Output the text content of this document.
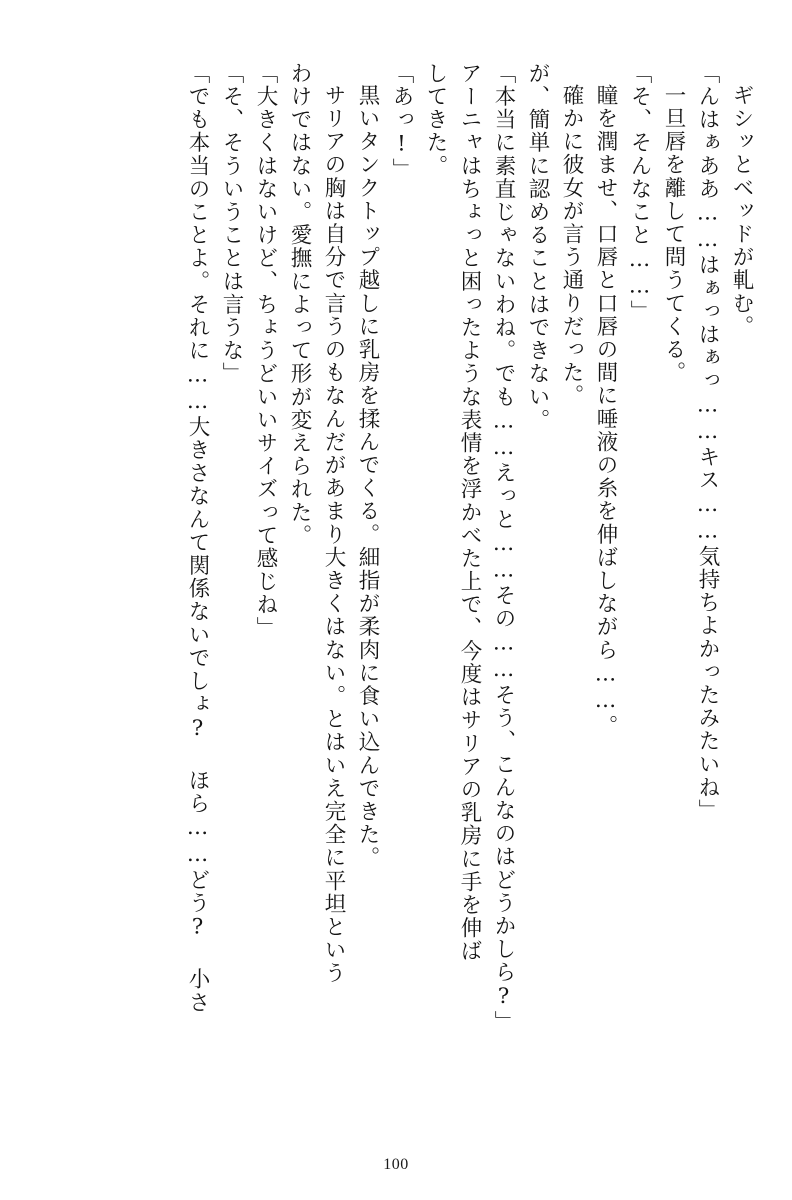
ギシッとベッドが軋む。
「んはぁああ……はぁっはぁっ……キス……気持ちよかったみたいね」
一旦唇を離して問うてくる。
「そ、そんなこと……」
瞳を潤ませ、口唇と口唇の間に唾液の糸を伸ばしながら……。
確かに彼女が言う通りだった。
が、簡単に認めることはできない。
「本当に素直じゃないわね。でも……えっと……その……そう、こんなのはどうかしら?」
アーニャはちょっと困ったような表情を浮かべた上で、今度はサリアの乳房に手を伸ば
してきた。
「あっ!」
黒いタンクトップ越しに乳房を揉んでくる。細指が柔肉に食い込んできた。
サリアの胸は自分で言うのもなんだがあまり大きくはない。とはいえ完全に平坦という
わけではない。愛撫によって形が変えられた。
「大きくはないけど、ちょうどいいサイズって感じね」
「そ、そういうことは言うな」
「でも本当のことよ。それに……大きさなんて関係ないでしょ? ほら……どう? 小さ
100
